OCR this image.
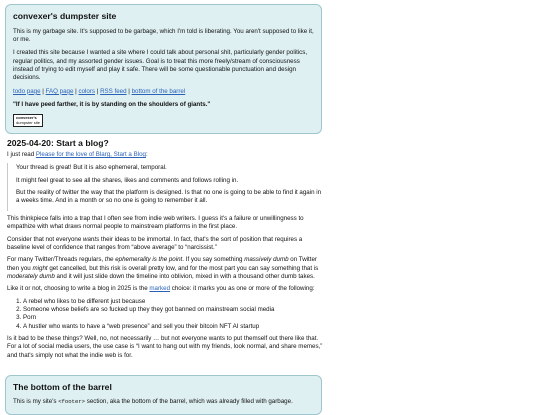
convexer's dumpster site

This is my garbage site. It's supposed to be garbage, which I'm told is liberating. You aren't supposed to like it, or me.

I created this site because I wanted a site where I could talk about personal shit, particularly gender politics, regular politics, and my assorted gender issues. Goal is to treat this more freely/stream of consciousness instead of trying to edit myself and play it safe. There will be some questionable punctuation and design decisions.

todo page | FAQ page | colors | RSS feed | bottom of the barrel

"If I have peed farther, it is by standing on the shoulders of giants."
convexer's
dumpster site
2025-04-20: Start a blog?

I just read Please for the love of Blarg, Start a Blog:

Your thread is great! But it is also ephemeral, temporal.

It might feel great to see all the shares, likes and comments and follows rolling in.

But the reality of twitter the way that the platform is designed. Is that no one is going to be able to find it again in a weeks time. And in a month or so no one is going to remember it all.

This thinkpiece falls into a trap that I often see from indie web writers. I guess it's a failure or unwillingness to empathize with what draws normal people to mainstream platforms in the first place.

Consider that not everyone wants their ideas to be immortal. In fact, that's the sort of position that requires a baseline level of confidence that ranges from “above average” to “narcissist.”

For many Twitter/Threads regulars, the ephemerality is the point. If you say something massively dumb on Twitter then you might get cancelled, but this risk is overall pretty low, and for the most part you can say something that is moderately dumb and it will just slide down the timeline into oblivion, mixed in with a thousand other dumb takes.

Like it or not, choosing to write a blog in 2025 is the marked choice: it marks you as one or more of the following:

1. A rebel who likes to be different just because
2. Someone whose beliefs are so fucked up they they got banned on mainstream social media
3. Porn
4. A hustler who wants to have a “web presence” and sell you their bitcoin NFT AI startup

Is it bad to be these things? Well, no, not necessarily … but not everyone wants to put themself out there like that. For a lot of social media users, the use case is “I want to hang out with my friends, look normal, and share memes,” and that's simply not what the indie web is for.

The bottom of the barrel

This is my site's <footer> section, aka the bottom of the barrel, which was already filled with garbage.
